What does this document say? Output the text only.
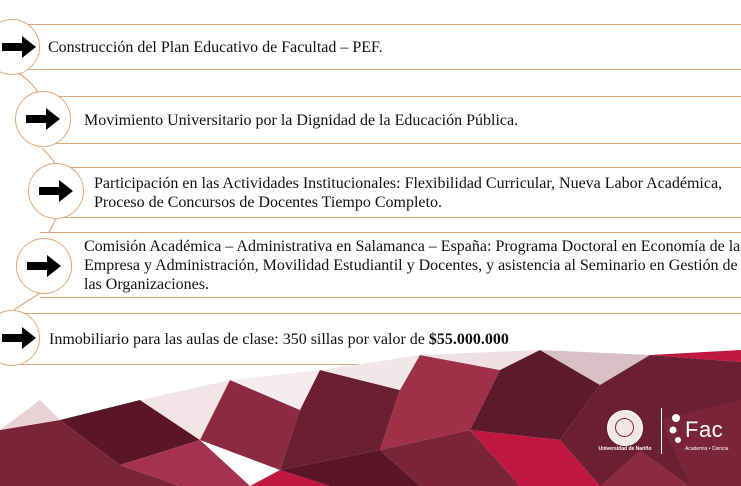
Construcción del Plan Educativo de Facultad – PEF.
Movimiento Universitario por la Dignidad de la Educación Pública.
Participación en las Actividades Institucionales: Flexibilidad Curricular, Nueva Labor Académica,
Proceso de Concursos de Docentes Tiempo Completo.
Comisión Académica – Administrativa en Salamanca – España: Programa Doctoral en Economía de la
Empresa y Administración, Movilidad Estudiantil y Docentes, y asistencia al Seminario en Gestión de
las Organizaciones.
Inmobiliario para las aulas de clase: 350 sillas por valor de $55.000.000
Universidad de Nariño
Fac
Academia • Ciencia
